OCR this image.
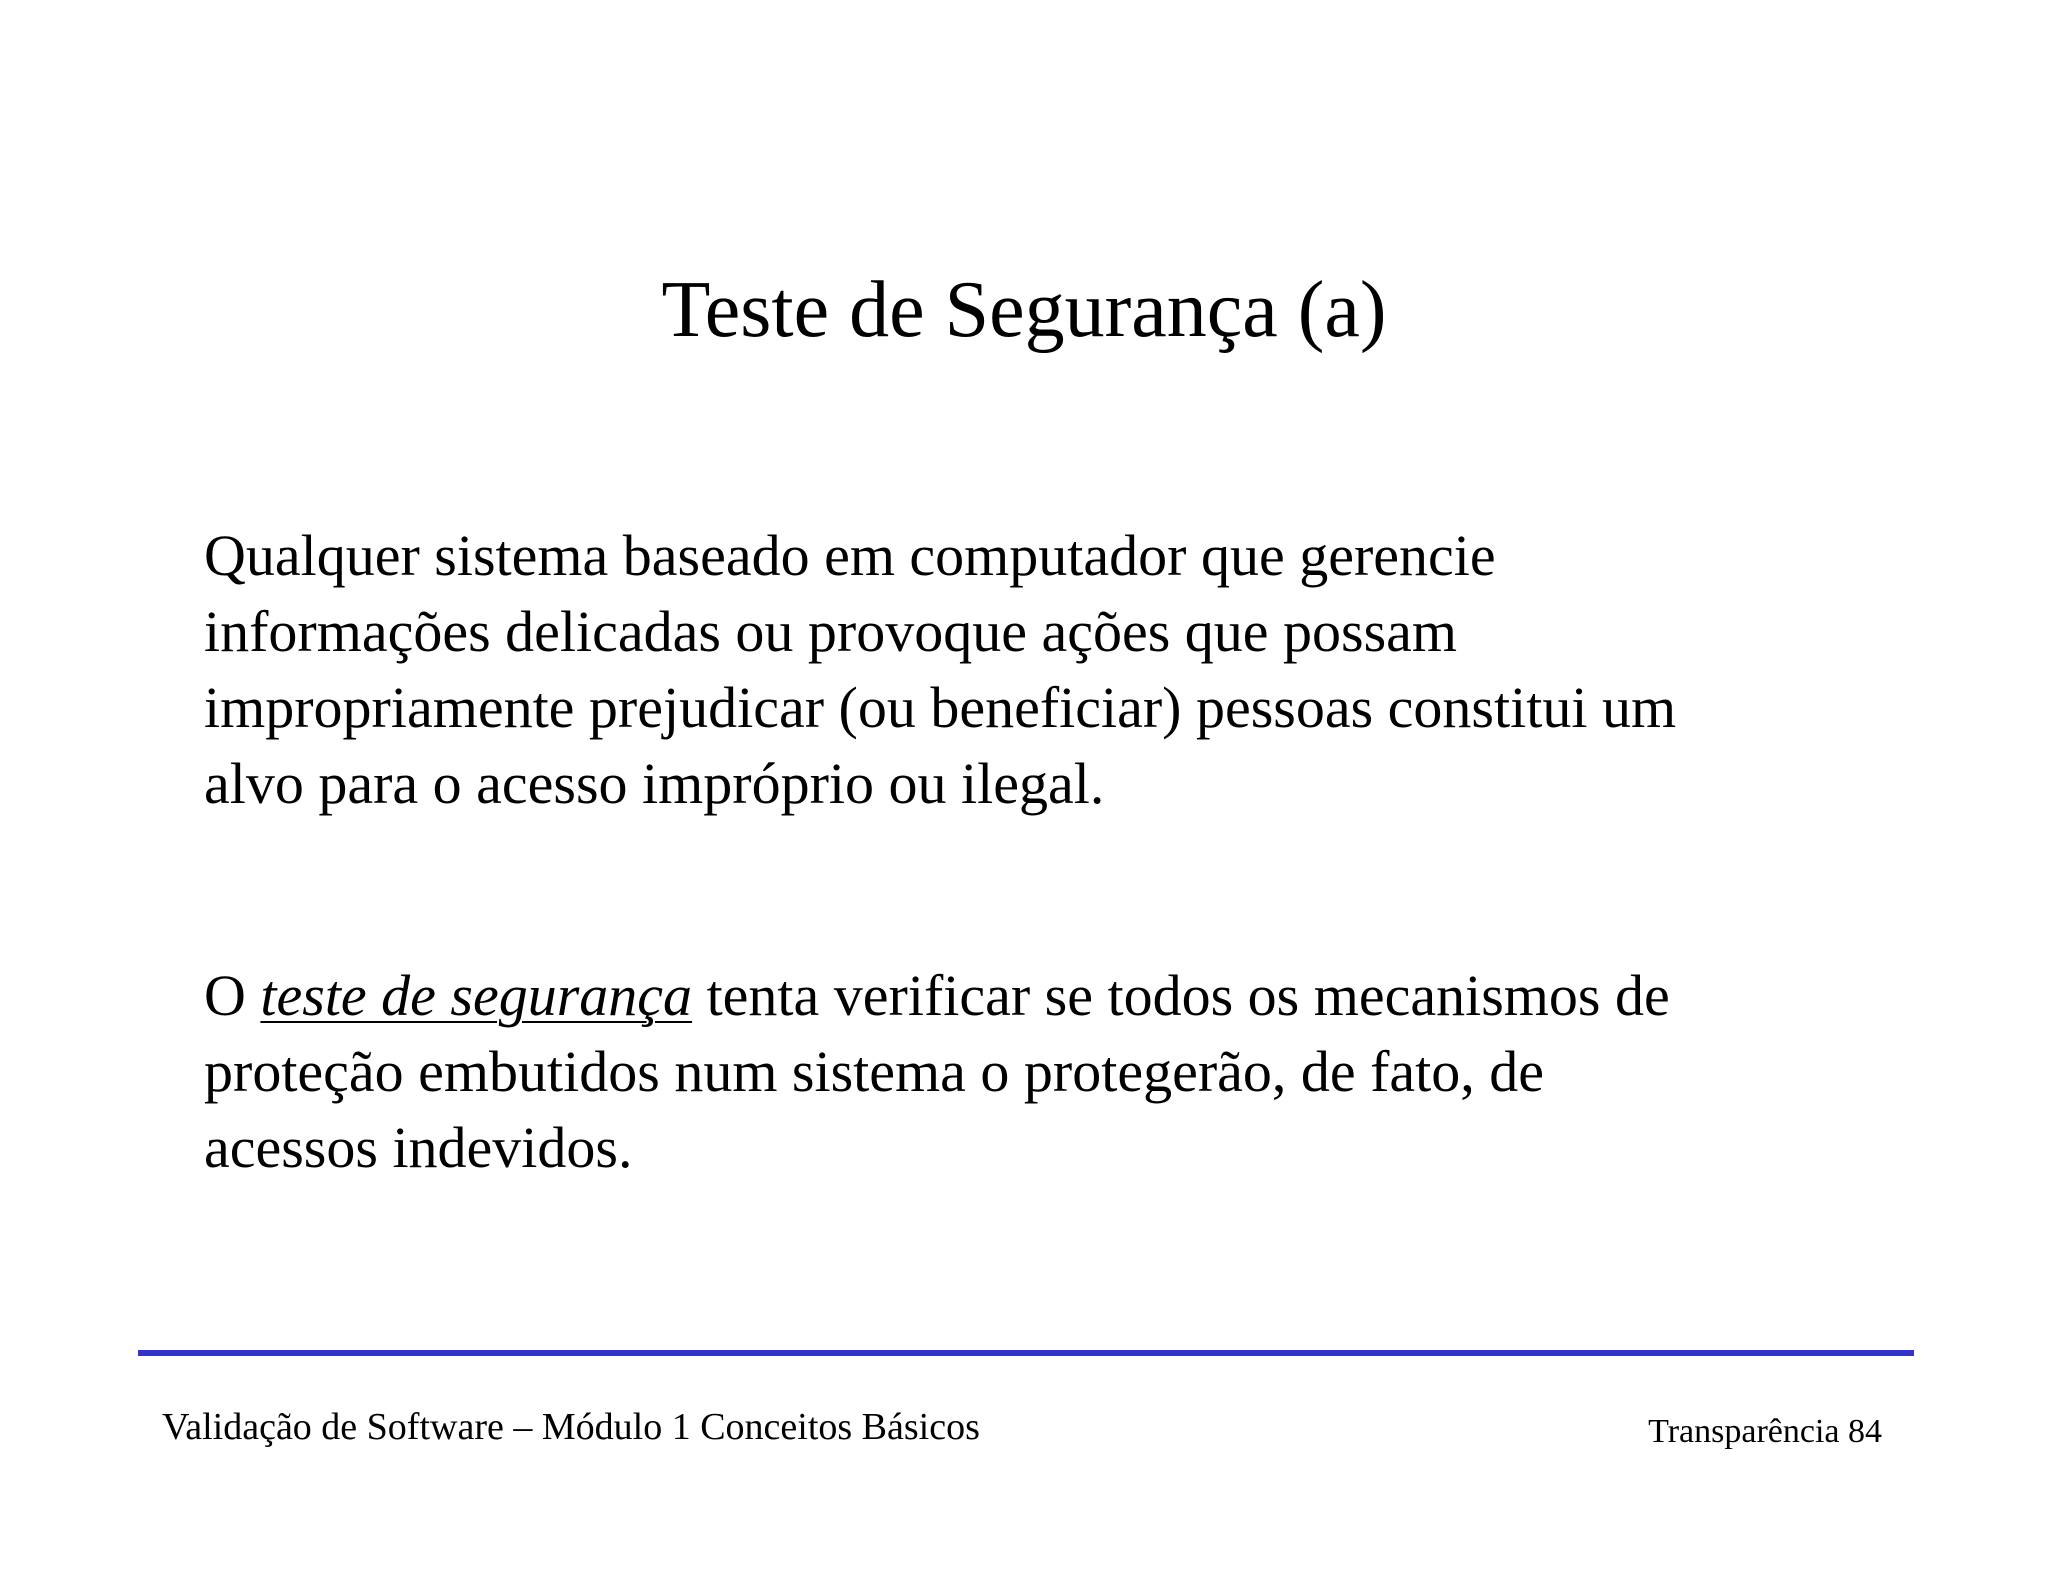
Teste de Segurança (a)

Qualquer sistema baseado em computador que gerencie
informações delicadas ou provoque ações que possam
impropriamente prejudicar (ou beneficiar) pessoas constitui um
alvo para o acesso impróprio ou ilegal.

O teste de segurança tenta verificar se todos os mecanismos de
proteção embutidos num sistema o protegerão, de fato, de
acessos indevidos.

Validação de Software – Módulo 1 Conceitos Básicos	Transparência 84
